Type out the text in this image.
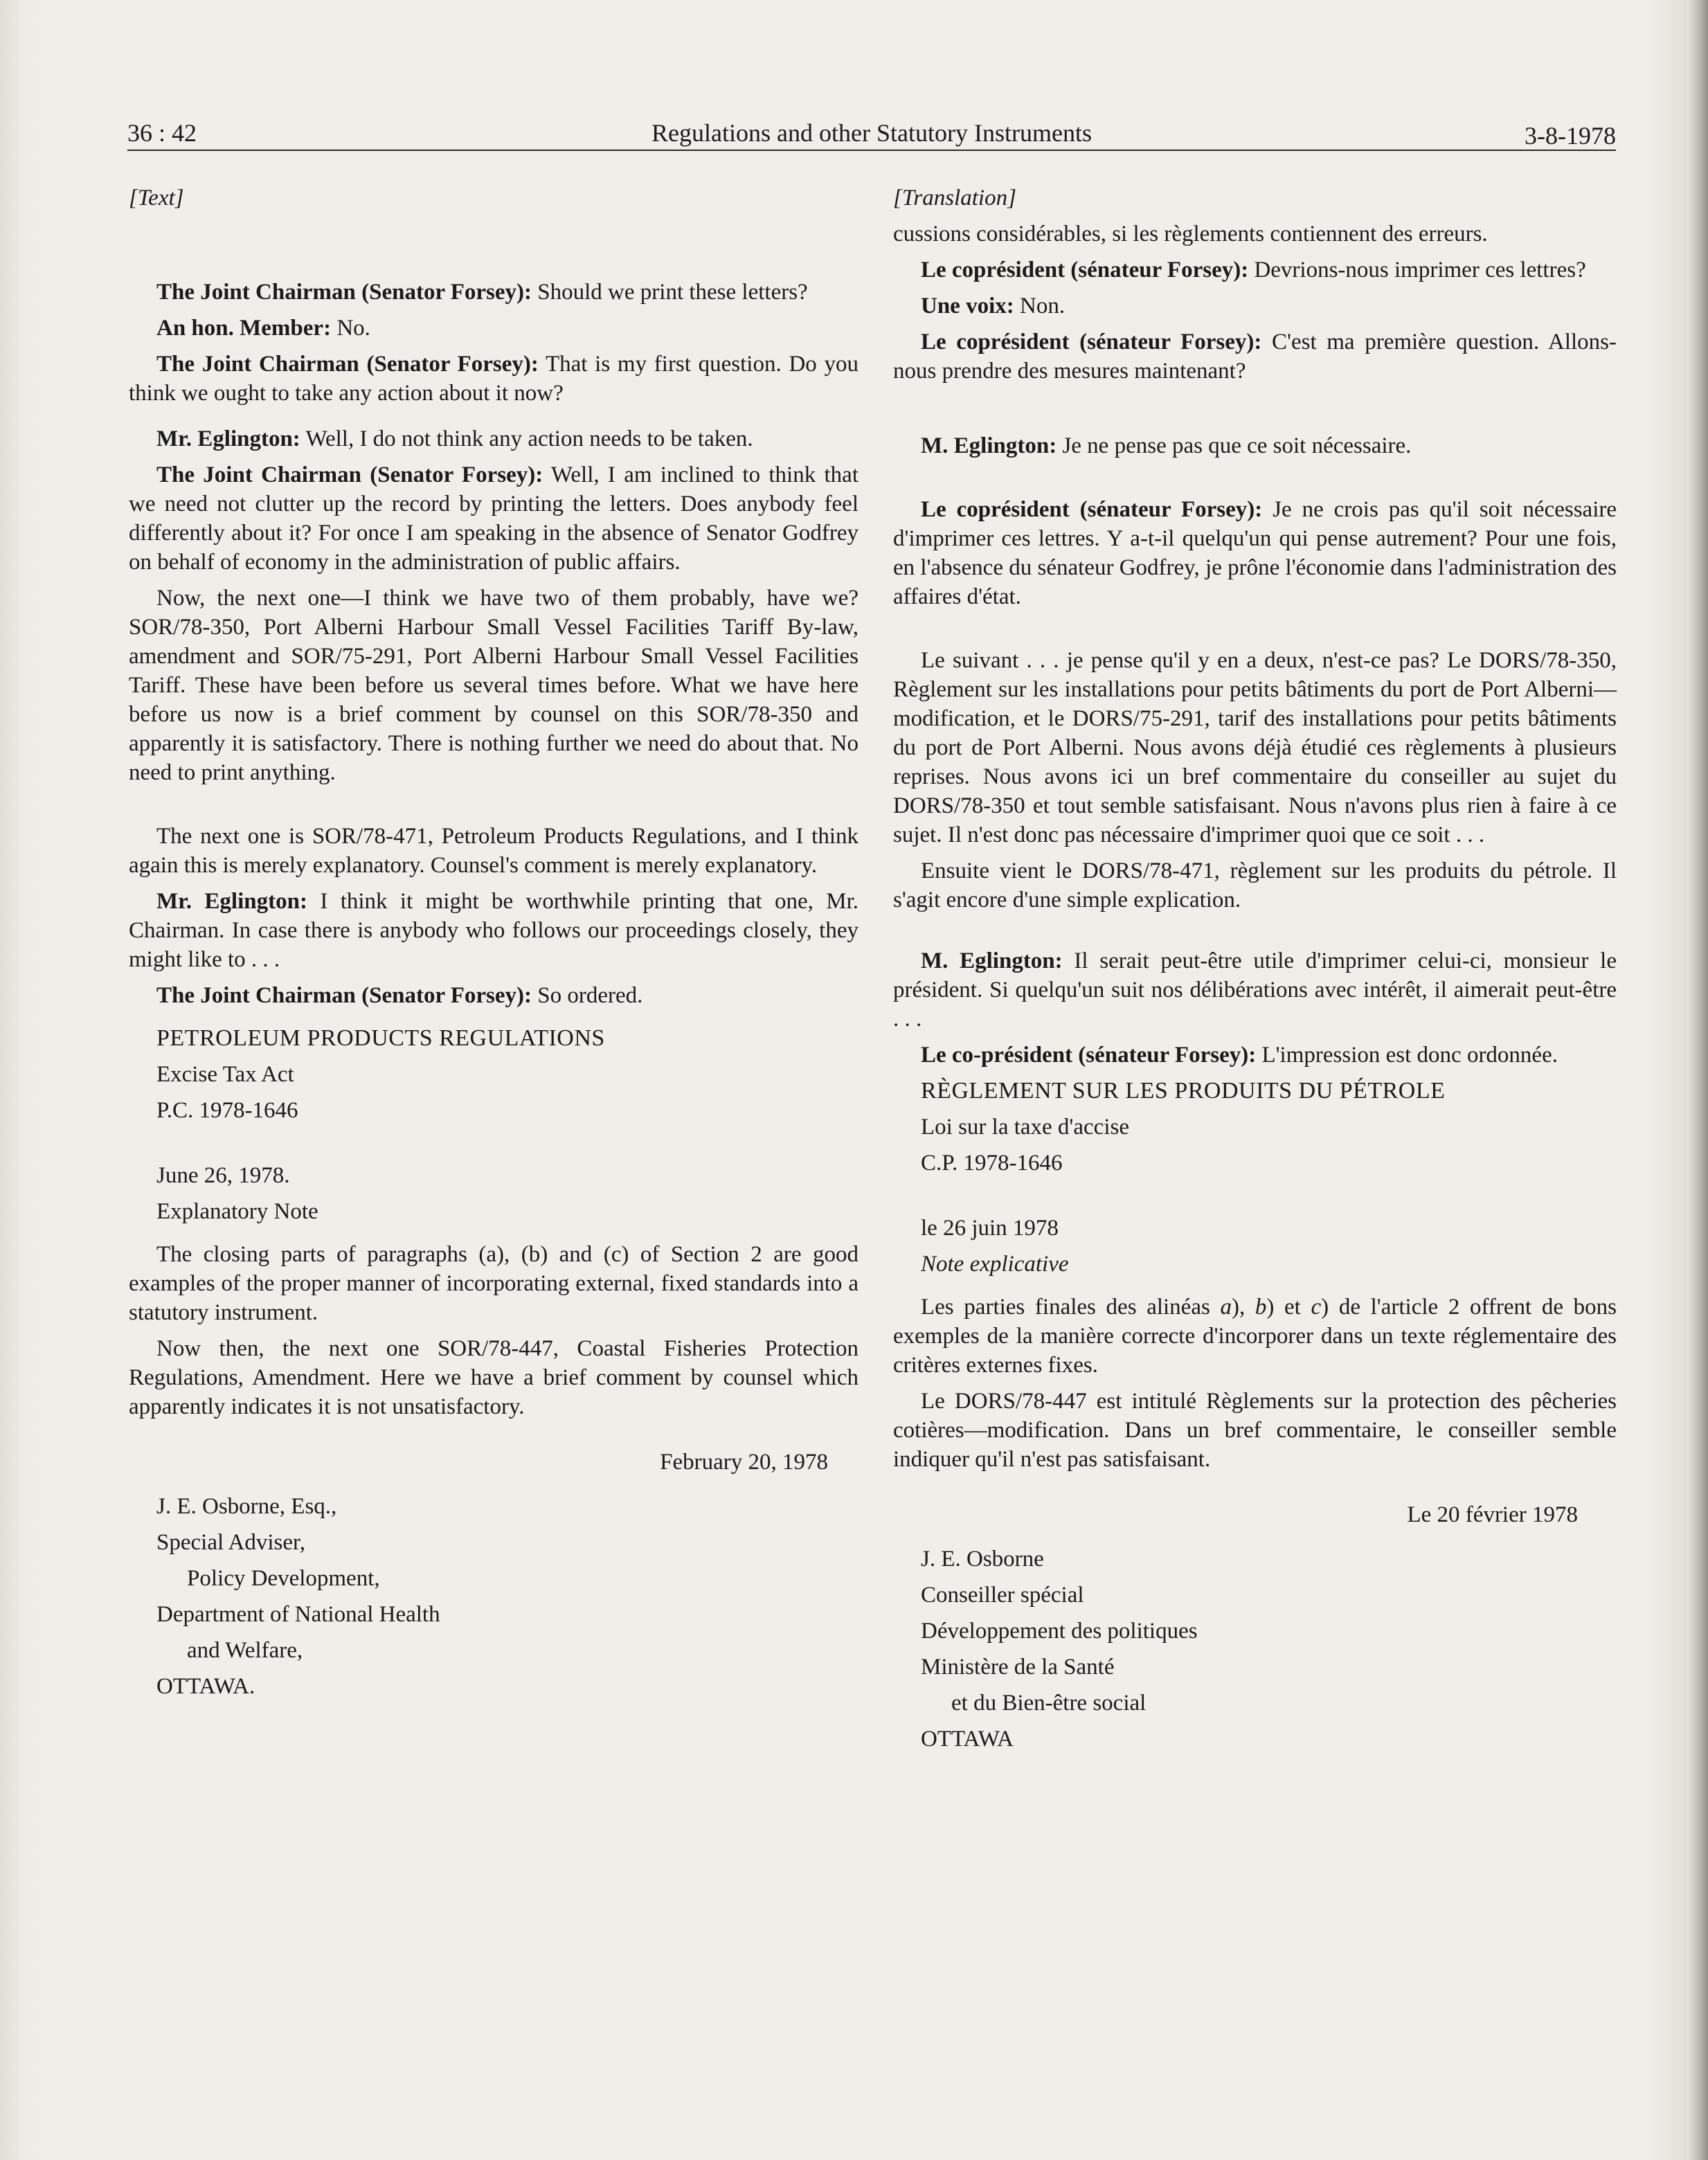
36 : 42	Regulations and other Statutory Instruments	3-8-1978

[Text]

The Joint Chairman (Senator Forsey): Should we print these letters?

An hon. Member: No.

The Joint Chairman (Senator Forsey): That is my first question. Do you think we ought to take any action about it now?

Mr. Eglington: Well, I do not think any action needs to be taken.

The Joint Chairman (Senator Forsey): Well, I am inclined to think that we need not clutter up the record by printing the letters. Does anybody feel differently about it? For once I am speaking in the absence of Senator Godfrey on behalf of economy in the administration of public affairs.

Now, the next one—I think we have two of them probably, have we? SOR/78-350, Port Alberni Harbour Small Vessel Facilities Tariff By-law, amendment and SOR/75-291, Port Alberni Harbour Small Vessel Facilities Tariff. These have been before us several times before. What we have here before us now is a brief comment by counsel on this SOR/78-350 and apparently it is satisfactory. There is nothing further we need do about that. No need to print anything.

The next one is SOR/78-471, Petroleum Products Regulations, and I think again this is merely explanatory. Counsel's comment is merely explanatory.

Mr. Eglington: I think it might be worthwhile printing that one, Mr. Chairman. In case there is anybody who follows our proceedings closely, they might like to . . .

The Joint Chairman (Senator Forsey): So ordered.

PETROLEUM PRODUCTS REGULATIONS

Excise Tax Act

P.C. 1978-1646

June 26, 1978.

Explanatory Note

The closing parts of paragraphs (a), (b) and (c) of Section 2 are good examples of the proper manner of incorporating external, fixed standards into a statutory instrument.

Now then, the next one SOR/78-447, Coastal Fisheries Protection Regulations, Amendment. Here we have a brief comment by counsel which apparently indicates it is not unsatisfactory.

February 20, 1978

J. E. Osborne, Esq.,

Special Adviser,

Policy Development,

Department of National Health

and Welfare,

OTTAWA.

[Translation]

cussions considérables, si les règlements contiennent des erreurs.

Le coprésident (sénateur Forsey): Devrions-nous imprimer ces lettres?

Une voix: Non.

Le coprésident (sénateur Forsey): C'est ma première question. Allons-nous prendre des mesures maintenant?

M. Eglington: Je ne pense pas que ce soit nécessaire.

Le coprésident (sénateur Forsey): Je ne crois pas qu'il soit nécessaire d'imprimer ces lettres. Y a-t-il quelqu'un qui pense autrement? Pour une fois, en l'absence du sénateur Godfrey, je prône l'économie dans l'administration des affaires d'état.

Le suivant . . . je pense qu'il y en a deux, n'est-ce pas? Le DORS/78-350, Règlement sur les installations pour petits bâtiments du port de Port Alberni—modification, et le DORS/75-291, tarif des installations pour petits bâtiments du port de Port Alberni. Nous avons déjà étudié ces règlements à plusieurs reprises. Nous avons ici un bref commentaire du conseiller au sujet du DORS/78-350 et tout semble satisfaisant. Nous n'avons plus rien à faire à ce sujet. Il n'est donc pas nécessaire d'imprimer quoi que ce soit . . .

Ensuite vient le DORS/78-471, règlement sur les produits du pétrole. Il s'agit encore d'une simple explication.

M. Eglington: Il serait peut-être utile d'imprimer celui-ci, monsieur le président. Si quelqu'un suit nos délibérations avec intérêt, il aimerait peut-être . . .

Le co-président (sénateur Forsey): L'impression est donc ordonnée.

RÈGLEMENT SUR LES PRODUITS DU PÉTROLE

Loi sur la taxe d'accise

C.P. 1978-1646

le 26 juin 1978

Note explicative

Les parties finales des alinéas a), b) et c) de l'article 2 offrent de bons exemples de la manière correcte d'incorporer dans un texte réglementaire des critères externes fixes.

Le DORS/78-447 est intitulé Règlements sur la protection des pêcheries cotières—modification. Dans un bref commentaire, le conseiller semble indiquer qu'il n'est pas satisfaisant.

Le 20 février 1978

J. E. Osborne

Conseiller spécial

Développement des politiques

Ministère de la Santé

et du Bien-être social

OTTAWA
